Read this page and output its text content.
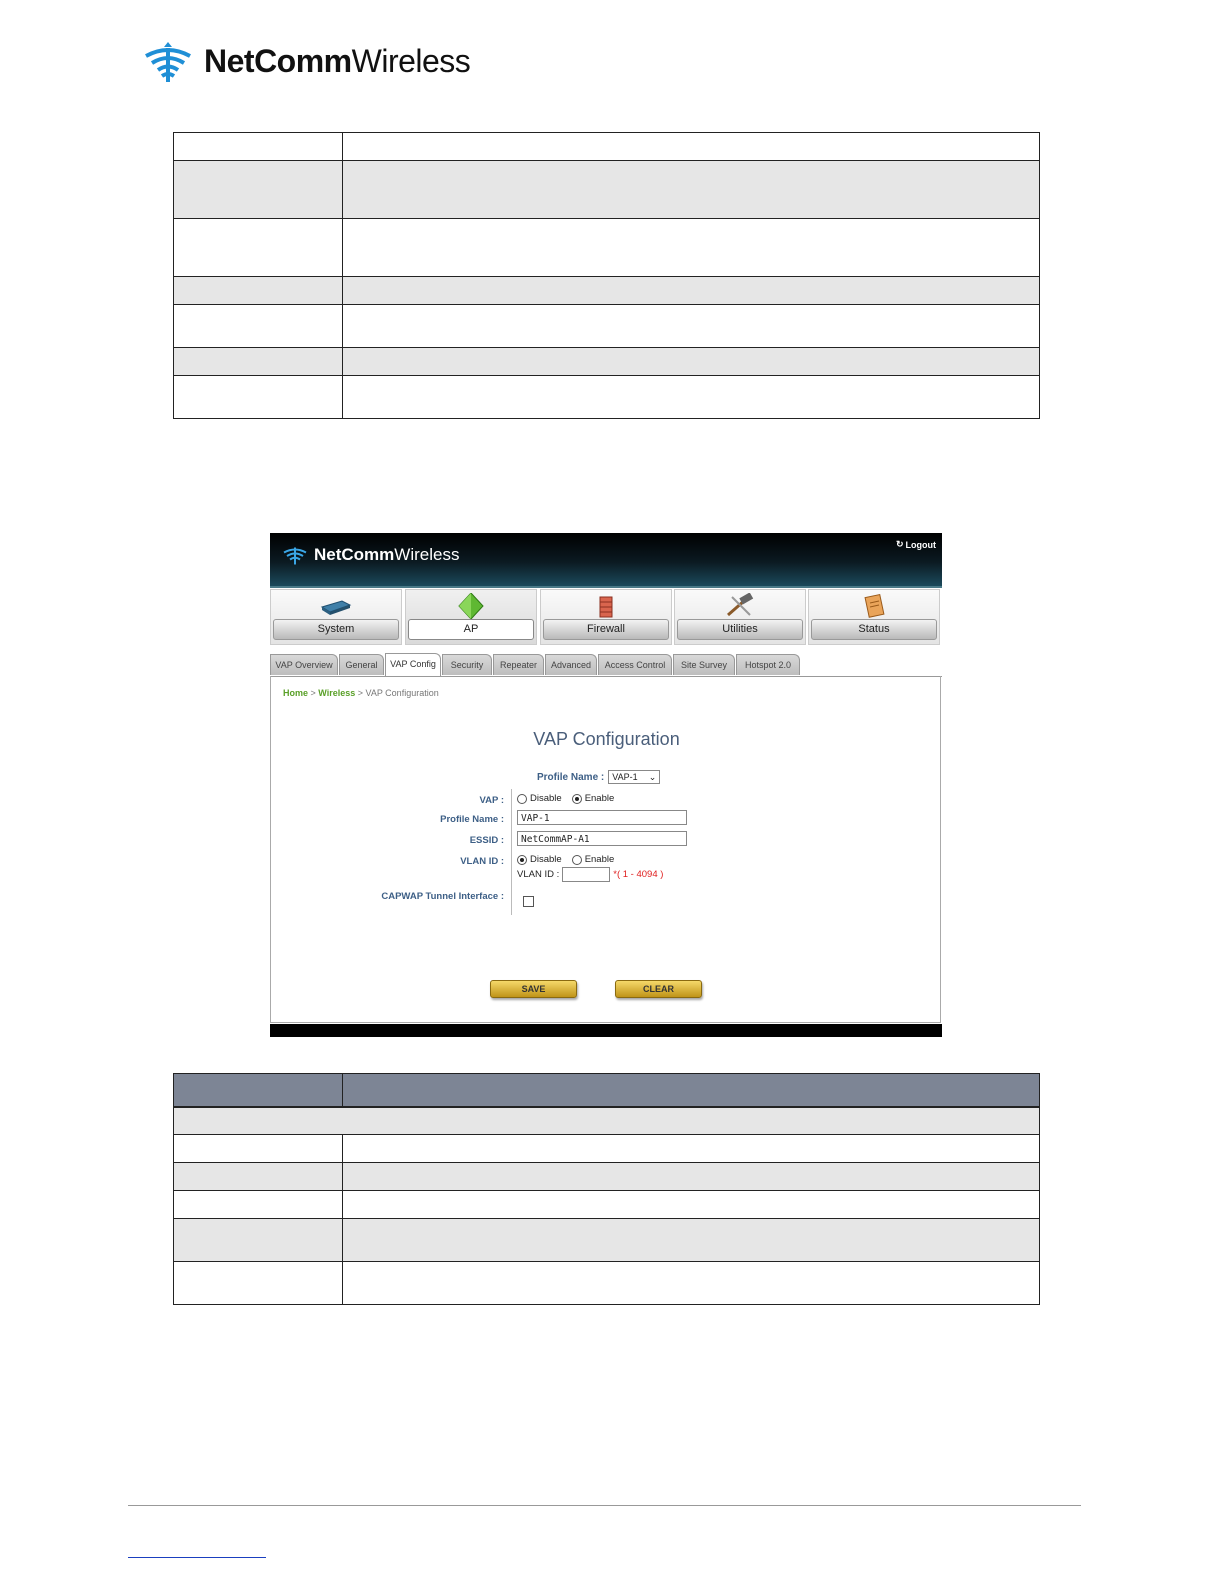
NetCommWireless

NetCommWireless
↻ Logout
System	AP	Firewall	Utilities	Status
VAP Overview	General	VAP Config	Security	Repeater	Advanced	Access Control	Site Survey	Hotspot 2.0
Home > Wireless > VAP Configuration
VAP Configuration
Profile Name : VAP-1 ⌄
VAP :	Disable Enable
Profile Name :	VAP-1
ESSID :	NetCommAP-A1
VLAN ID :	Disable Enable
VLAN ID :	*( 1 - 4094 )
CAPWAP Tunnel Interface :
SAVE	CLEAR
